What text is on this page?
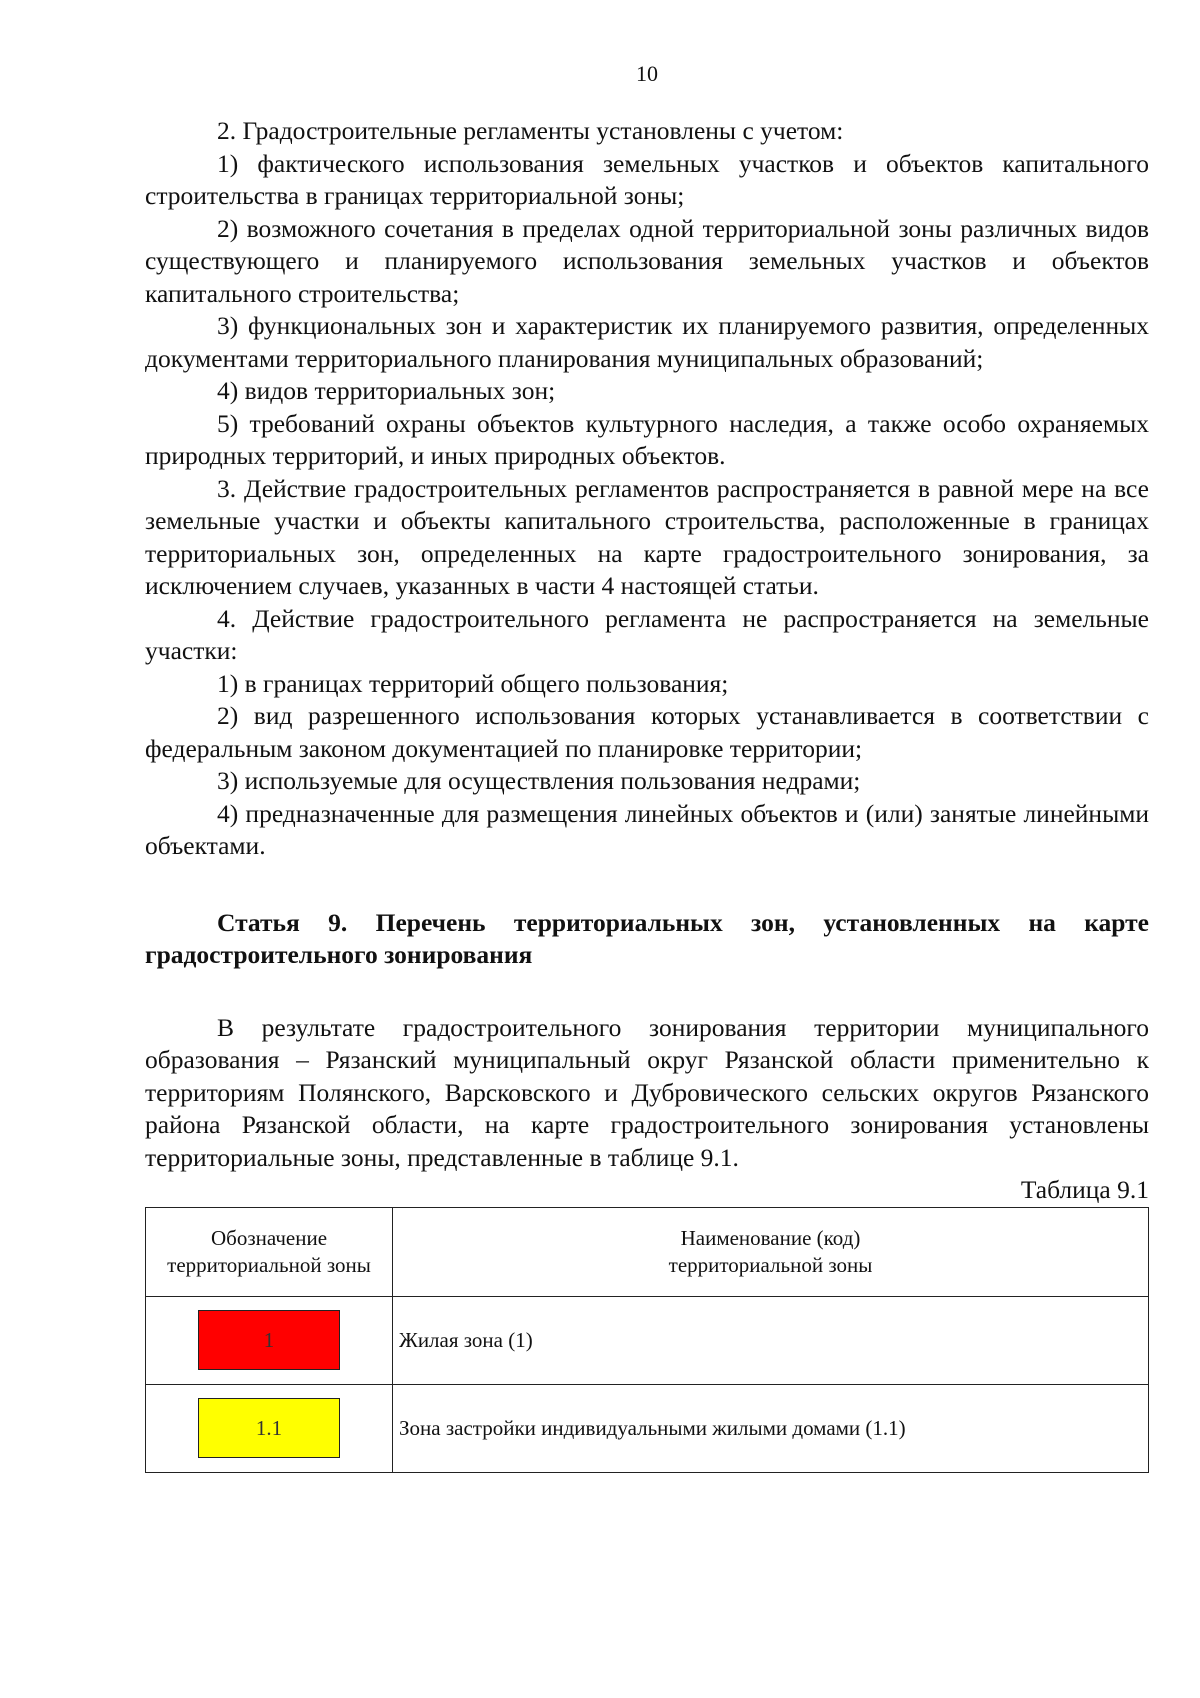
10

2. Градостроительные регламенты установлены с учетом:

1) фактического использования земельных участков и объектов капитального строительства в границах территориальной зоны;

2) возможного сочетания в пределах одной территориальной зоны различных видов существующего и планируемого использования земельных участков и объектов капитального строительства;

3) функциональных зон и характеристик их планируемого развития, определенных документами территориального планирования муниципальных образований;

4) видов территориальных зон;

5) требований охраны объектов культурного наследия, а также особо охраняемых природных территорий, и иных природных объектов.

3. Действие градостроительных регламентов распространяется в равной мере на все земельные участки и объекты капитального строительства, расположенные в границах территориальных зон, определенных на карте градостроительного зонирования, за исключением случаев, указанных в части 4 настоящей статьи.

4. Действие градостроительного регламента не распространяется на земельные участки:

1) в границах территорий общего пользования;

2) вид разрешенного использования которых устанавливается в соответствии с федеральным законом документацией по планировке территории;

3) используемые для осуществления пользования недрами;

4) предназначенные для размещения линейных объектов и (или) занятые линейными объектами.

Статья 9. Перечень территориальных зон, установленных на карте градостроительного зонирования

В результате градостроительного зонирования территории муниципального образования – Рязанский муниципальный округ Рязанской области применительно к территориям Полянского, Варсковского и Дубровического сельских округов Рязанского района Рязанской области, на карте градостроительного зонирования установлены территориальные зоны, представленные в таблице 9.1.

Таблица 9.1

Обозначение территориальной зоны	Наименование (код) территориальной зоны
1	Жилая зона (1)
1.1	Зона застройки индивидуальными жилыми домами (1.1)
